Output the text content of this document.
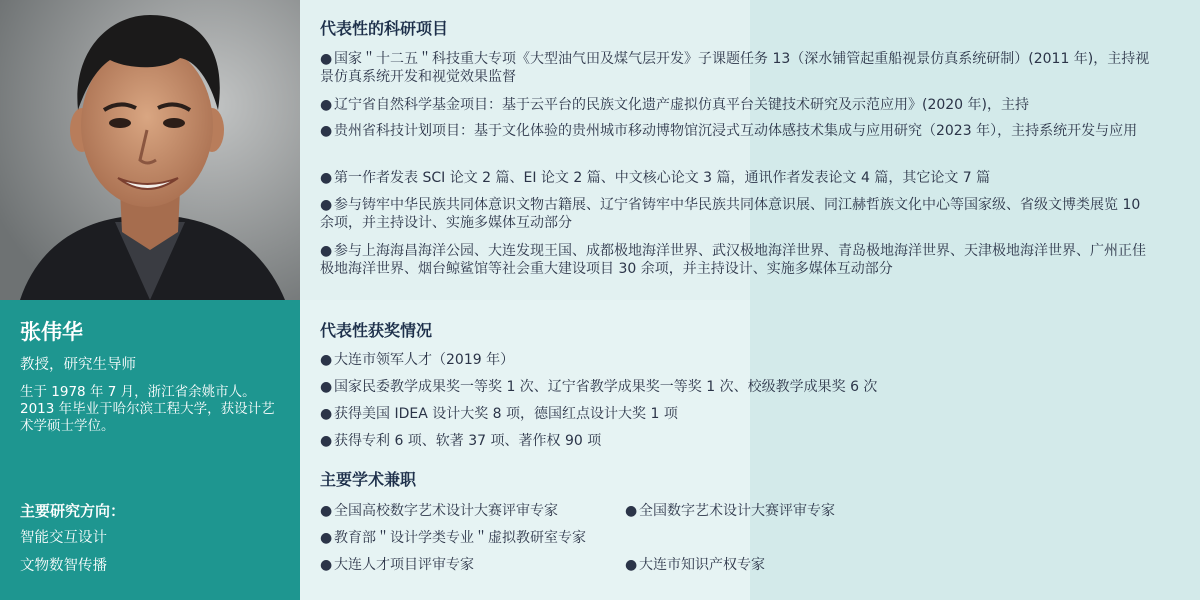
张伟华
教授，研究生导师
生于 1978 年 7 月，浙江省余姚市人。2013 年毕业于哈尔滨工程大学，获设计艺术学硕士学位。
主要研究方向：
智能交互设计
文物数智传播
代表性的科研项目
● 国家＂十二五＂科技重大专项《大型油气田及煤气层开发》子课题任务 13（深水铺管起重船视景仿真系统研制）(2011 年)，主持视景仿真系统开发和视觉效果监督
● 辽宁省自然科学基金项目：基于云平台的民族文化遗产虚拟仿真平台关键技术研究及示范应用》(2020 年)，主持
● 贵州省科技计划项目：基于文化体验的贵州城市移动博物馆沉浸式互动体感技术集成与应用研究（2023 年），主持系统开发与应用
● 第一作者发表 SCI 论文 2 篇、EI 论文 2 篇、中文核心论文 3 篇，通讯作者发表论文 4 篇，其它论文 7 篇
● 参与铸牢中华民族共同体意识文物古籍展、辽宁省铸牢中华民族共同体意识展、同江赫哲族文化中心等国家级、省级文博类展览 10 余项，并主持设计、实施多媒体互动部分
● 参与上海海昌海洋公园、大连发现王国、成都极地海洋世界、武汉极地海洋世界、青岛极地海洋世界、天津极地海洋世界、广州正佳极地海洋世界、烟台鲸鲨馆等社会重大建设项目 30 余项，并主持设计、实施多媒体互动部分
代表性获奖情况
● 大连市领军人才（2019 年）
● 国家民委教学成果奖一等奖 1 次、辽宁省教学成果奖一等奖 1 次、校级教学成果奖 6 次
● 获得美国 IDEA 设计大奖 8 项，德国红点设计大奖 1 项
● 获得专利 6 项、软著 37 项、著作权 90 项
主要学术兼职
● 全国高校数字艺术设计大赛评审专家	● 全国数字艺术设计大赛评审专家
● 教育部＂设计学类专业＂虚拟教研室专家
● 大连人才项目评审专家	● 大连市知识产权专家
